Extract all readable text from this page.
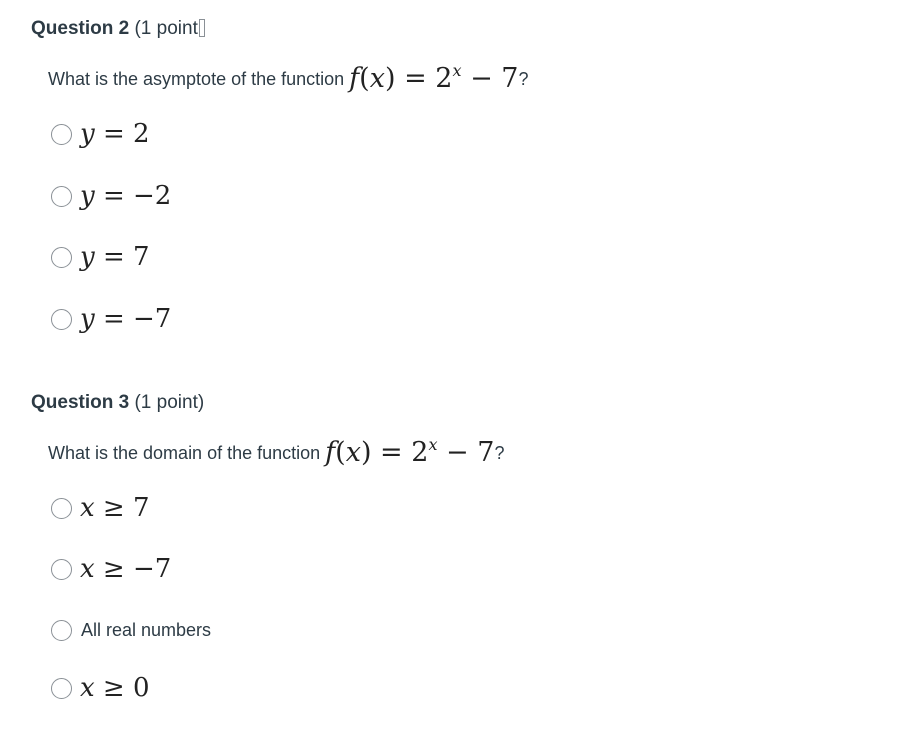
Question 2 (1 point
What is the asymptote of the function $f(x) = 2^x - 7$?
y = 2
y = −2
y = 7
y = −7
Question 3 (1 point)
What is the domain of the function $f(x) = 2^x - 7$?
x ≥ 7
x ≥ −7
All real numbers
x ≥ 0
